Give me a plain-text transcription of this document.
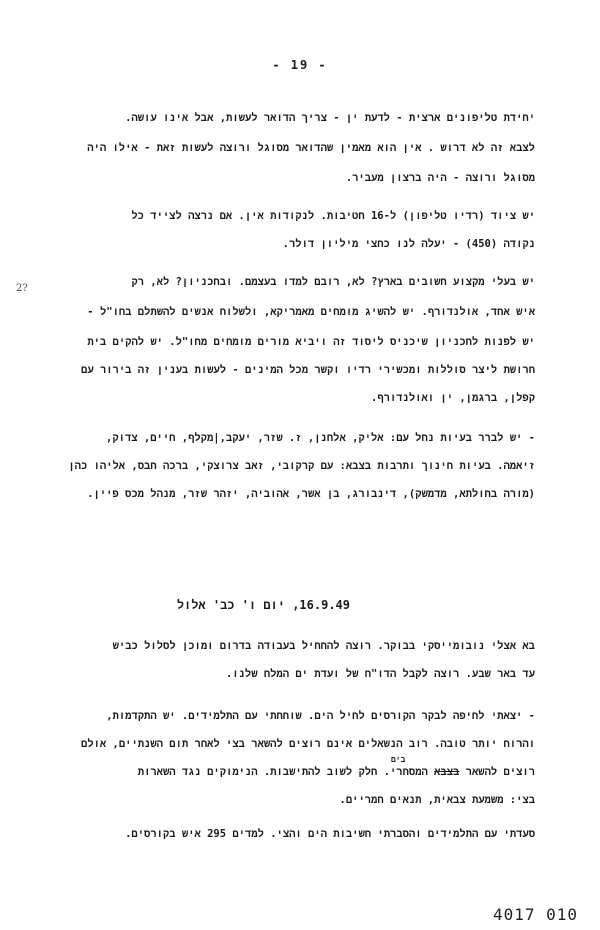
- 19 -
2?
יחידת טליפונים ארצית - לדעת ין - צריך הדואר לעשות, אבל אינו עושה.
לצבא זה לא דרוש . אין הוא מאמין שהדואר מסוגל ורוצה לעשות זאת - אילו היה
מסוגל ורוצה - היה ברצון מעביר.
יש ציוד (רדיו טליפון) ל-16 חטיבות. לנקודות אין. אם נרצה לצייד כל
נקודה (450) - יעלה לנו כחצי מיליון דולר.
יש בעלי מקצוע חשובים בארץ? לא, רובם למדו בעצמם. ובחכניון? לא, רק
איש אחד, אולנדורף. יש להשיג מומחים מאמריקא, ולשלוח אנשים להשתלם בחו"ל -
יש לפנות לחכניון שיכניס ליסוד זה ויביא מורים מומחים מחו"ל. יש להקים בית
חרושת ליצר סוללות ומכשירי רדיו וקשר מכל המינים - לעשות בענין זה בירור עם
קפלן, ברגמן, ין ואולנדורף.
- יש לברר בעיות נחל עם: אליק, אלחנן, ז. שזר, יעקב,|מקלף, חיים, צדוק,
זיאמה. בעיות חינוך ותרבות בצבא: עם קרקובי, זאב צרוצקי, ברכה חבס, אליהו כהן
(מורה בחולתא, מדמשק), דינבורג, בן אשר, אהוביה, יזהר שזר, מנהל מכס פיין.
16.9.49, יום ו' כב' אלול
בא אצלי נובומייסקי בבוקר. רוצה להחחיל בעבודה בדרום ומוכן לסלול כביש
עד באר שבע. רוצה לקבל הדו"ח של ועדת ים המלח שלנו.
- יצאתי לחיפה לבקר הקורסים לחיל הים. שוחחתי עם התלמידים. יש התקדמות,
והרוח יותר טובה. רוב הנשאלים אינם רוצים להשאר בצי לאחר תום השנתיים, אולם
בים
רוצים להשאר בצבא המסחרי. חלק לשוב להתישבות. הנימוקים נגד השארות
בצי: משמעת צבאית, תנאים חמריים.
סעדתי עם התלמידים והסברתי חשיבות הים והצי. למדים 295 איש בקורסים.
4017 010
